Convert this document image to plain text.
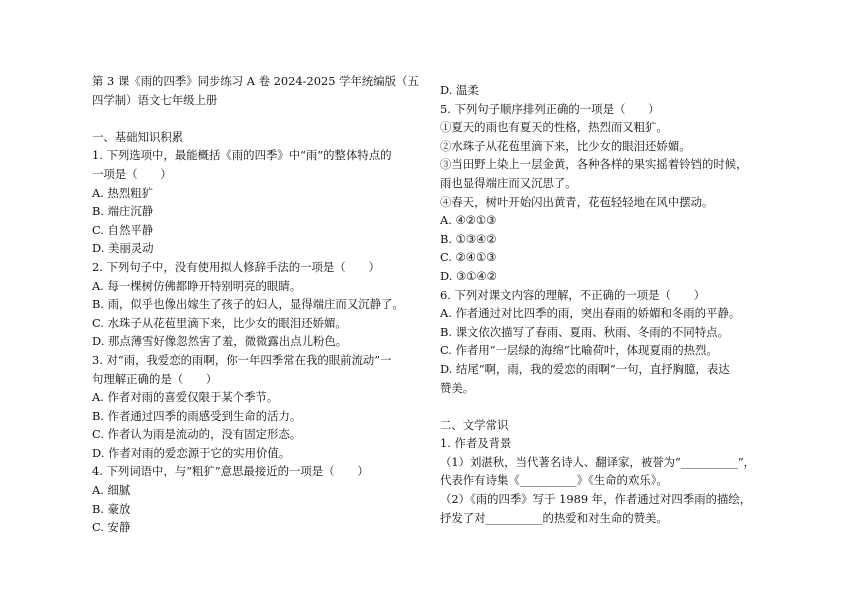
第 3 课《雨的四季》同步练习 A 卷 2024-2025 学年统编版（五
四学制）语文七年级上册
一、基础知识积累
1. 下列选项中，最能概括《雨的四季》中“雨”的整体特点的
一项是（　　）
A. 热烈粗犷
B. 端庄沉静
C. 自然平静
D. 美丽灵动
2. 下列句子中，没有使用拟人修辞手法的一项是（　　）
A. 每一棵树仿佛都睁开特别明亮的眼睛。
B. 雨，似乎也像出嫁生了孩子的妇人，显得端庄而又沉静了。
C. 水珠子从花苞里滴下来，比少女的眼泪还娇媚。
D. 那点薄雪好像忽然害了羞，微微露出点儿粉色。
3. 对“雨，我爱恋的雨啊，你一年四季常在我的眼前流动”一
句理解正确的是（　　）
A. 作者对雨的喜爱仅限于某个季节。
B. 作者通过四季的雨感受到生命的活力。
C. 作者认为雨是流动的，没有固定形态。
D. 作者对雨的爱恋源于它的实用价值。
4. 下列词语中，与“粗犷”意思最接近的一项是（　　）
A. 细腻
B. 豪放
C. 安静
D. 温柔
5. 下列句子顺序排列正确的一项是（　　）
①夏天的雨也有夏天的性格，热烈而又粗犷。
②水珠子从花苞里滴下来，比少女的眼泪还娇媚。
③当田野上染上一层金黄，各种各样的果实摇着铃铛的时候，
雨也显得端庄而又沉思了。
④春天，树叶开始闪出黄青，花苞轻轻地在风中摆动。
A. ④②①③
B. ①③④②
C. ②④①③
D. ③①④②
6. 下列对课文内容的理解，不正确的一项是（　　）
A. 作者通过对比四季的雨，突出春雨的娇媚和冬雨的平静。
B. 课文依次描写了春雨、夏雨、秋雨、冬雨的不同特点。
C. 作者用“一层绿的海绵”比喻荷叶，体现夏雨的热烈。
D. 结尾“啊，雨，我的爱恋的雨啊”一句，直抒胸臆，表达
赞美。
二、文学常识
1. 作者及背景
（1）刘湛秋，当代著名诗人、翻译家，被誉为“__________”，
代表作有诗集《__________》《生命的欢乐》。
（2）《雨的四季》写于 1989 年，作者通过对四季雨的描绘，
抒发了对__________的热爱和对生命的赞美。
